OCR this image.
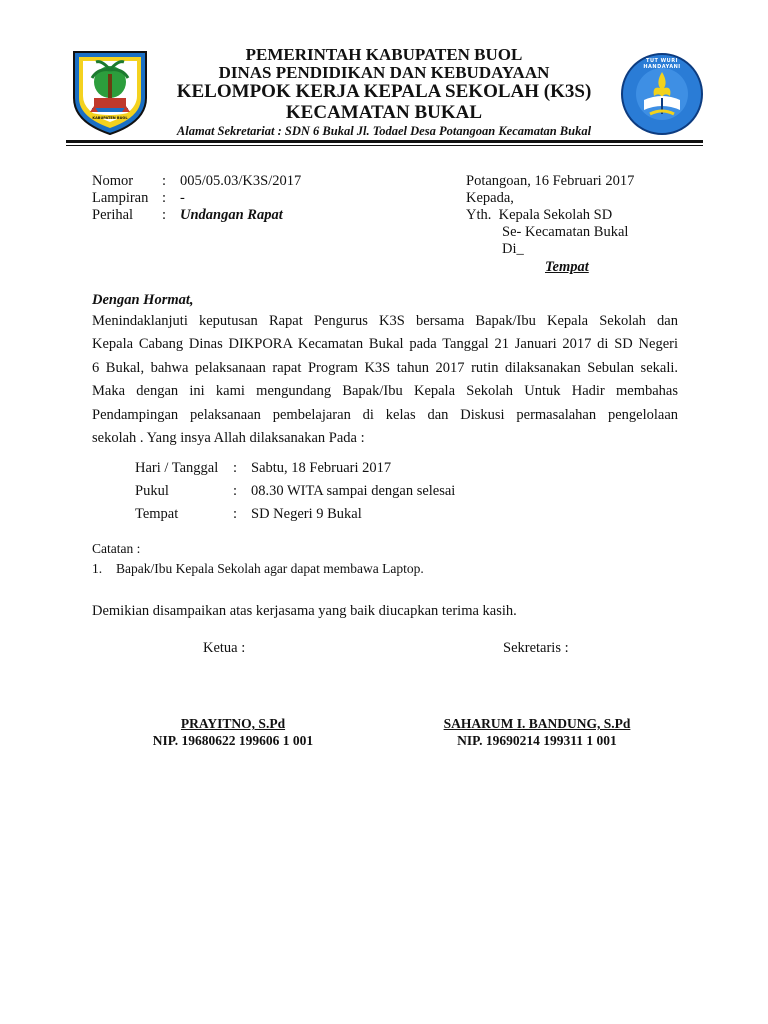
KABUPATEN BUOL
TUT WURI HANDAYANI
PEMERINTAH KABUPATEN BUOL
DINAS PENDIDIKAN DAN KEBUDAYAAN
KELOMPOK KERJA KEPALA SEKOLAH (K3S)
KECAMATAN BUKAL
Alamat Sekretariat : SDN 6 Bukal Jl. Todael Desa Potangoan Kecamatan Bukal
Nomor : 005/05.03/K3S/2017
Lampiran : -
Perihal : Undangan Rapat
Potangoan, 16 Februari 2017
Kepada,
Yth.  Kepala Sekolah SD
Se- Kecamatan Bukal
Di_
Tempat
Dengan Hormat,
Menindaklanjuti keputusan Rapat Pengurus K3S bersama Bapak/Ibu Kepala Sekolah dan
Kepala Cabang Dinas DIKPORA Kecamatan Bukal pada Tanggal 21 Januari 2017 di SD Negeri
6 Bukal, bahwa pelaksanaan rapat Program K3S tahun 2017 rutin dilaksanakan Sebulan sekali.
Maka dengan ini kami mengundang Bapak/Ibu Kepala Sekolah Untuk Hadir membahas
Pendampingan pelaksanaan pembelajaran di kelas dan Diskusi permasalahan pengelolaan
sekolah . Yang insya Allah dilaksanakan Pada :
Hari / Tanggal : Sabtu, 18 Februari 2017
Pukul	: 08.30 WITA sampai dengan selesai
Tempat	: SD Negeri 9 Bukal
Catatan :
1. Bapak/Ibu Kepala Sekolah agar dapat membawa Laptop.
Demikian disampaikan atas kerjasama yang baik diucapkan terima kasih.
Ketua :	Sekretaris :
PRAYITNO, S.Pd
NIP. 19680622 199606 1 001
SAHARUM I. BANDUNG, S.Pd
NIP. 19690214 199311 1 001
